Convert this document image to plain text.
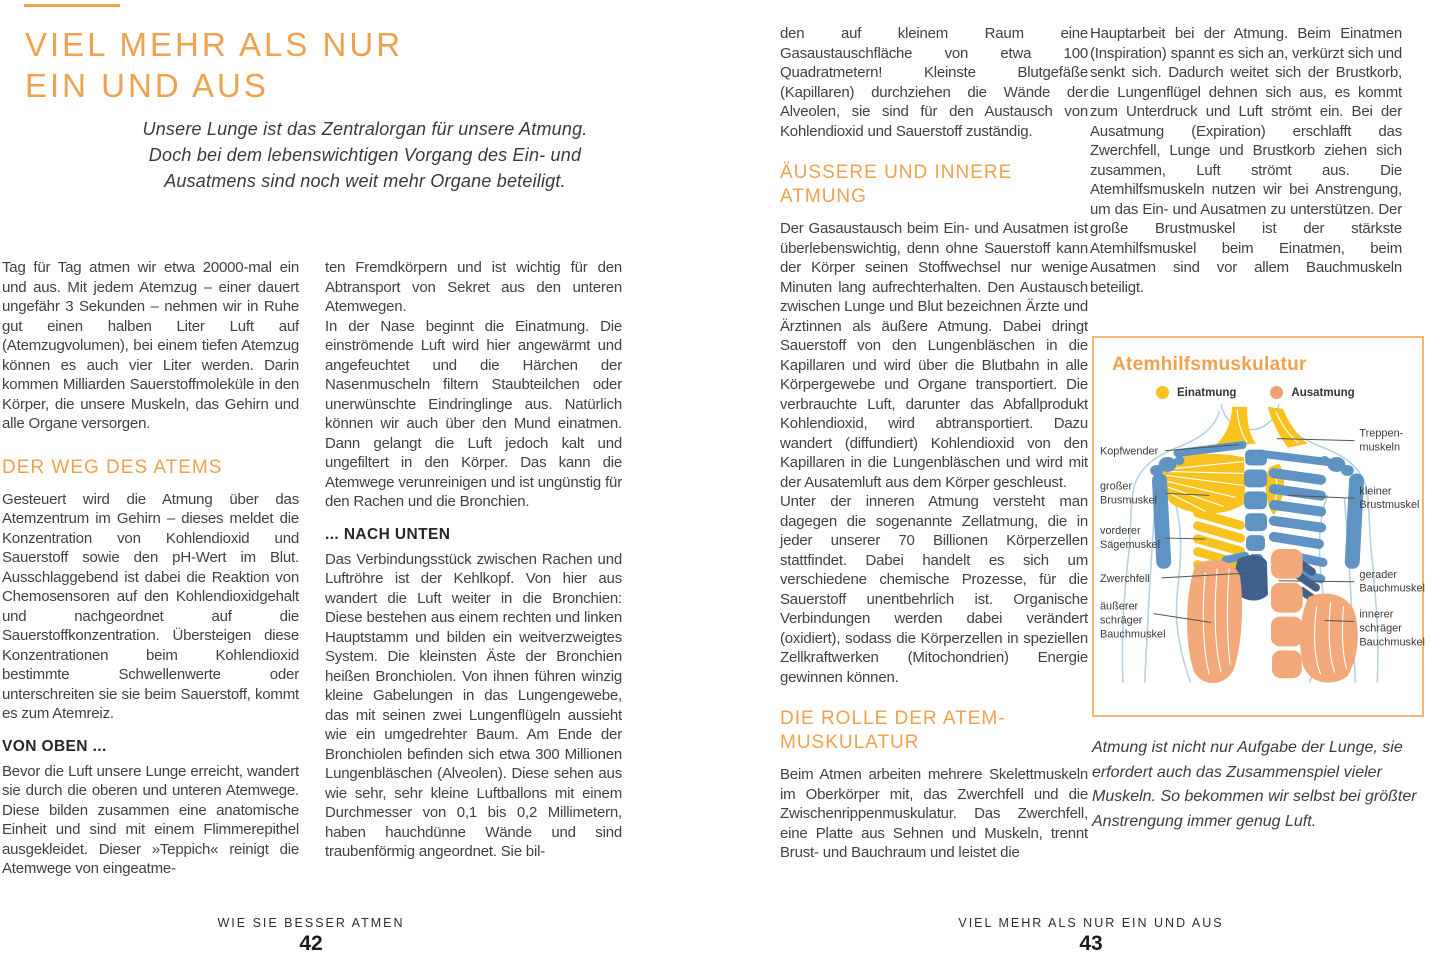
VIEL MEHR ALS NUR
EIN UND AUS
Unsere Lunge ist das Zentralorgan für unsere Atmung.
Doch bei dem lebenswichtigen Vorgang des Ein- und
Ausatmens sind noch weit mehr Organe beteiligt.

Tag für Tag atmen wir etwa 20000-mal ein und aus. Mit jedem Atemzug – einer dauert ungefähr 3 Sekunden – nehmen wir in Ruhe gut einen halben Liter Luft auf (Atemzugvolumen), bei einem tiefen Atemzug können es auch vier Liter werden. Darin kommen Milliarden Sauerstoffmoleküle in den Körper, die unsere Muskeln, das Gehirn und alle Organe versorgen.

DER WEG DES ATEMS

Gesteuert wird die Atmung über das Atemzentrum im Gehirn – dieses meldet die Konzentration von Kohlendioxid und Sauerstoff sowie den pH-Wert im Blut. Ausschlaggebend ist dabei die Reaktion von Chemosensoren auf den Kohlendioxidgehalt und nachgeordnet auf die Sauerstoffkonzentration. Übersteigen diese Konzentrationen beim Kohlendioxid bestimmte Schwellenwerte oder unterschreiten sie sie beim Sauerstoff, kommt es zum Atemreiz.

VON OBEN ...

Bevor die Luft unsere Lunge erreicht, wandert sie durch die oberen und unteren Atemwege. Diese bilden zusammen eine anatomische Einheit und sind mit einem Flimmerepithel ausgekleidet. Dieser »Teppich« reinigt die Atemwege von eingeatme-

ten Fremdkörpern und ist wichtig für den Abtransport von Sekret aus den unteren Atemwegen.

In der Nase beginnt die Einatmung. Die einströmende Luft wird hier angewärmt und angefeuchtet und die Härchen der Nasenmuscheln filtern Staubteilchen oder unerwünschte Eindringlinge aus. Natürlich können wir auch über den Mund einatmen. Dann gelangt die Luft jedoch kalt und ungefiltert in den Körper. Das kann die Atemwege verunreinigen und ist ungünstig für den Rachen und die Bronchien.

... NACH UNTEN

Das Verbindungsstück zwischen Rachen und Luftröhre ist der Kehlkopf. Von hier aus wandert die Luft weiter in die Bronchien: Diese bestehen aus einem rechten und linken Hauptstamm und bilden ein weitverzweigtes System. Die kleinsten Äste der Bronchien heißen Bronchiolen. Von ihnen führen winzig kleine Gabelungen in das Lungengewebe, das mit seinen zwei Lungenflügeln aussieht wie ein umgedrehter Baum. Am Ende der Bronchiolen befinden sich etwa 300 Millionen Lungenbläschen (Alveolen). Diese sehen aus wie sehr, sehr kleine Luftballons mit einem Durchmesser von 0,1 bis 0,2 Millimetern, haben hauchdünne Wände und sind traubenförmig angeordnet. Sie bil-

WIE SIE BESSER ATMEN
42

den auf kleinem Raum eine Gasaustauschfläche von etwa 100 Quadratmetern! Kleinste Blutgefäße (Kapillaren) durchziehen die Wände der Alveolen, sie sind für den Austausch von Kohlendioxid und Sauerstoff zuständig.

ÄUSSERE UND INNERE ATMUNG

Der Gasaustausch beim Ein- und Ausatmen ist überlebenswichtig, denn ohne Sauerstoff kann der Körper seinen Stoffwechsel nur wenige Minuten lang aufrechterhalten. Den Austausch zwischen Lunge und Blut bezeichnen Ärzte und Ärztinnen als äußere Atmung. Dabei dringt Sauerstoff von den Lungenbläschen in die Kapillaren und wird über die Blutbahn in alle Körpergewebe und Organe transportiert. Die verbrauchte Luft, darunter das Abfallprodukt Kohlendioxid, wird abtransportiert. Dazu wandert (diffundiert) Kohlendioxid von den Kapillaren in die Lungenbläschen und wird mit der Ausatemluft aus dem Körper geschleust.

Unter der inneren Atmung versteht man dagegen die sogenannte Zellatmung, die in jeder unserer 70 Billionen Körperzellen stattfindet. Dabei handelt es sich um verschiedene chemische Prozesse, für die Sauerstoff unentbehrlich ist. Organische Verbindungen werden dabei verändert (oxidiert), sodass die Körperzellen in speziellen Zellkraftwerken (Mitochondrien) Energie gewinnen können.

DIE ROLLE DER ATEM-MUSKULATUR

Beim Atmen arbeiten mehrere Skelettmuskeln im Oberkörper mit, das Zwerchfell und die Zwischenrippenmuskulatur. Das Zwerchfell, eine Platte aus Sehnen und Muskeln, trennt Brust- und Bauchraum und leistet die

Hauptarbeit bei der Atmung. Beim Einatmen (Inspiration) spannt es sich an, verkürzt sich und senkt sich. Dadurch weitet sich der Brustkorb, die Lungenflügel dehnen sich aus, es kommt zum Unterdruck und Luft strömt ein. Bei der Ausatmung (Expiration) erschlafft das Zwerchfell, Lunge und Brustkorb ziehen sich zusammen, Luft strömt aus. Die Atemhilfsmuskeln nutzen wir bei Anstrengung, um das Ein- und Ausatmen zu unterstützen. Der große Brustmuskel ist der stärkste Atemhilfsmuskel beim Einatmen, beim Ausatmen sind vor allem Bauchmuskeln beteiligt.

Atemhilfsmuskulatur
Einatmung	Ausatmung
Kopfwender
großer
Brusmuskel
vorderer
Sägemuskel
Zwerchfell
äußerer
schräger
Bauchmuskel
Treppen-
muskeln
kleiner
Brustmuskel
gerader
Bauchmuskel
innerer
schräger
Bauchmuskel
Atmung ist nicht nur Aufgabe der Lunge, sie erfordert auch das Zusammenspiel vieler Muskeln. So bekommen wir selbst bei größter Anstrengung immer genug Luft.
VIEL MEHR ALS NUR EIN UND AUS
43
